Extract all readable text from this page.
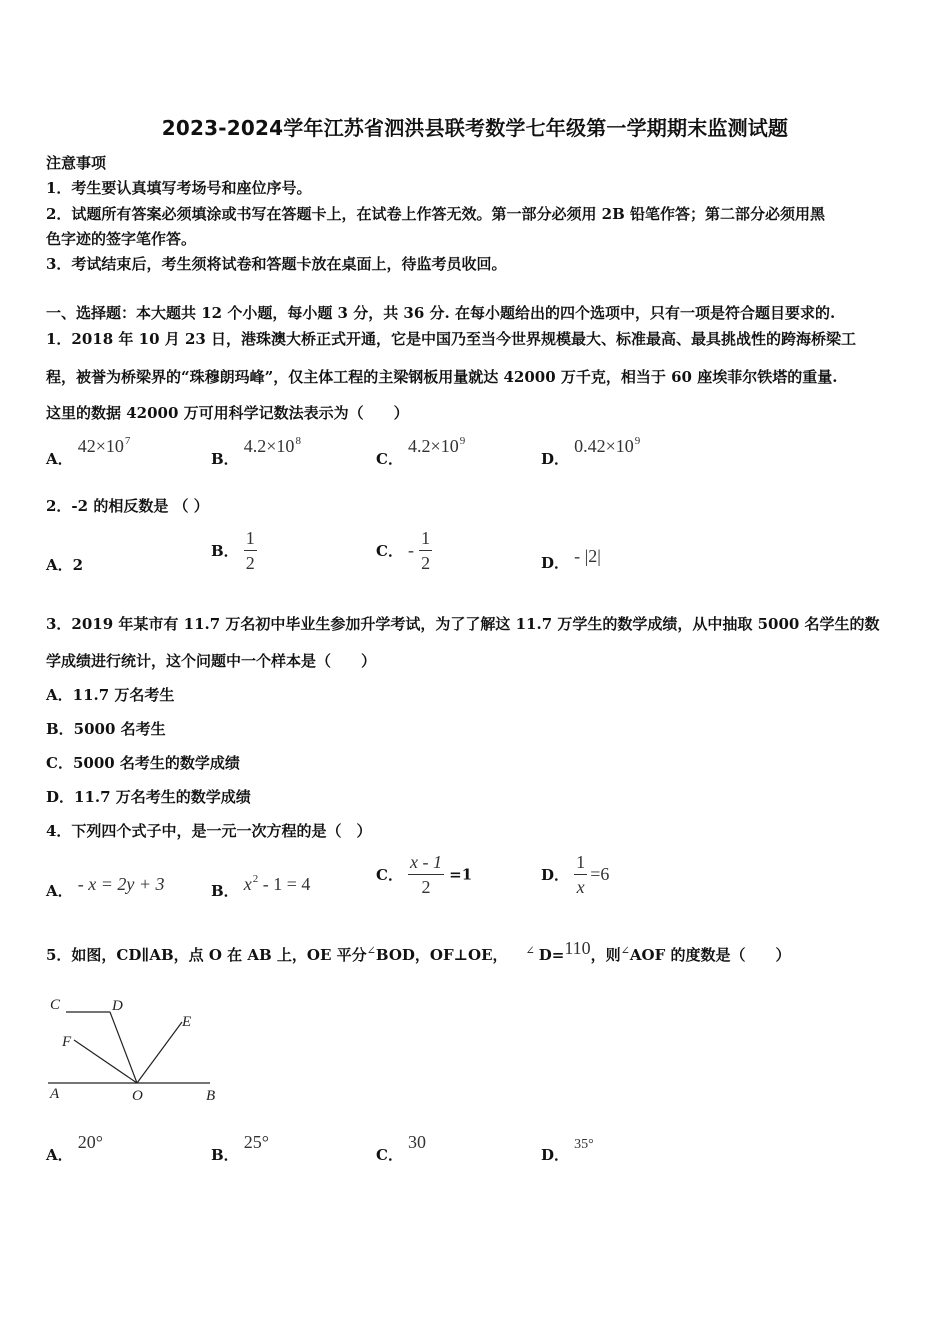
2023-2024学年江苏省泗洪县联考数学七年级第一学期期末监测试题
注意事项
1．考生要认真填写考场号和座位序号。
2．试题所有答案必须填涂或书写在答题卡上，在试卷上作答无效。第一部分必须用 2B 铅笔作答；第二部分必须用黑
色字迹的签字笔作答。
3．考试结束后，考生须将试卷和答题卡放在桌面上，待监考员收回。
一、选择题：本大题共 12 个小题，每小题 3 分，共 36 分. 在每小题给出的四个选项中，只有一项是符合题目要求的.
1．2018 年 10 月 23 日，港珠澳大桥正式开通，它是中国乃至当今世界规模最大、标准最高、最具挑战性的跨海桥梁工
程，被誉为桥梁界的“珠穆朗玛峰”，仅主体工程的主梁钢板用量就达 42000 万千克，相当于 60 座埃菲尔铁塔的重量.
这里的数据 42000 万可用科学记数法表示为（　　）
A． $42\times 10^7$
B． $4.2\times 10^8$
C． $4.2\times 10^9$
D． $0.42\times 10^9$
2．-2 的相反数是 （ ）
A．2
B． $\frac{1}{2}$	C． - $\frac{1}{2}$	D． - |2|
3．2019 年某市有 11.7 万名初中毕业生参加升学考试，为了了解这 11.7 万学生的数学成绩，从中抽取 5000 名学生的数
学成绩进行统计，这个问题中一个样本是（　　）
A．11.7 万名考生
B．5000 名考生
C．5000 名考生的数学成绩
D．11.7 万名考生的数学成绩
4．下列四个式子中，是一元一次方程的是（　）
A． - x = 2y + 3	B． $x^2 - 1 = 4$	C． $\frac{x - 1}{2} =1$	D． $\frac{1}{x} =6$
5．如图，CD∥AB，点 O 在 AB 上，OE 平分∠BOD，OF⊥OE， ∠ D=110，则∠AOF 的度数是（　　）
C	D
E
F
A	O	B
A． 20°
B． 25°
C． 30
D． 35°
